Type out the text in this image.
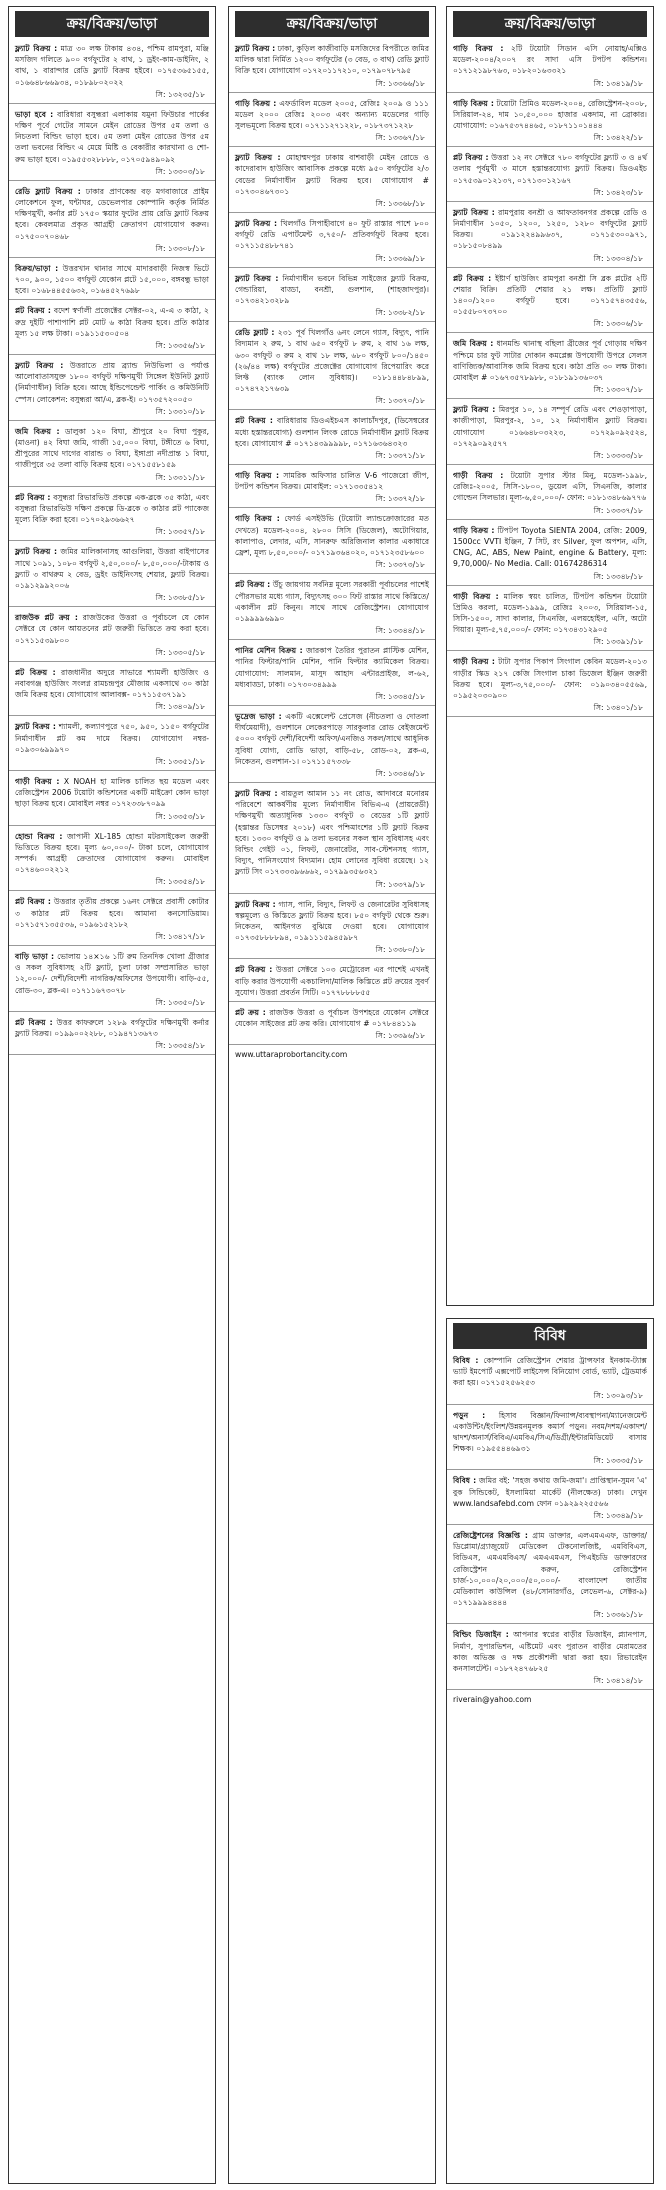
ক্রয়/বিক্রয়/ভাড়া
ফ্ল্যাট বিক্রয় : মাত্র ৩০ লক্ষ টাকায় ৪৩৪, পশ্চিম রামপুরা, মঞ্জি মসজিদ গলিতে ৯০০ বর্গফুটের ২ বাথ, ১ ড্রইং-কাম-ডাইনিং, ২ বাথ, ১ বারান্দার রেডি ফ্ল্যাট বিক্রয় হইবে। ০১৭৫৩৬৫১৫৫, ০১৬৬৪৮৬৬৯৩৪, ০১৮৯৮০২০২২
সি: ১৩২৩৫/১৮
ভাড়া হবে : বারিধারা বসুন্ধরা এলাকায় যমুনা ফিউচার পার্কের দক্ষিণ পূর্বে গেটের সামনে মেইন রোডের উপর ৫ম তলা ও নিচতলা বিল্ডিং ভাড়া হবে। ৫ম তলা মেইন রোডের উপর ৫ম তলা ভবনের বিল্ডিং এ মেয়ে মিষ্টি ও বেকারীর কারখানা ও শো-রুম ভাড়া হবে। ০১৯৫৫৩২৮৮৮৮, ০১৭০৫৯৪৯০৯২
সি: ১৩৩০৩/১৮
রেডি ফ্ল্যাট বিক্রয় : ঢাকার প্রাণকেন্দ্র বড় মগবাজারে প্রাইম লোকেশনে ফুল, ঘন্টাঘর, ডেভেলপার কোম্পানি কর্তৃক নির্মিত দক্ষিণমুখী, কর্নার প্লট ১৭৫০ স্কয়ার ফুটের প্রায় রেডি ফ্ল্যাট বিক্রয় হবে। কেবলমাত্র প্রকৃত আগ্রহী ক্রেতাগণ যোগাযোগ করুন। ০১৭৫০০৭০৪৬৮
সি: ১৩৩০৮/১৮
বিক্রয়/ভাড়া : উত্তরখান থানার সাথে মাদারবাড়ী নিজস্ব ভিটে ৭০০, ৯০০, ১৫০০ বর্গফুট যেকোন প্লটে ১৫,০০০, বঙ্গবন্ধু ভাড়া হবে। ০১৬৮৪৪৫৫৬৩২, ০১৬৪৫২৭৬৯৮
প্লট বিক্রয় : বদেশ স্বর্ণালী প্রজেক্টের সেক্টর-০২, এ-এ ৩ কাঠা, ২ রুদ্র দুইটি পাশাপাশি প্লট মোট ৬ কাঠা বিক্রয় হবে। প্রতি কাঠার মূল্য ১৫ লক্ষ টাকা। ০১৯১১৫৩০৫০৪
সি: ১৩৩৫৬/১৮
ফ্ল্যাট বিক্রয় : উত্তরাতে প্রায় ব্র্যান্ড নিউভিলা ও পর্যাপ্ত আলোবাতাসযুক্ত ১৮০০ বর্গফুট দক্ষিণমুখী সিঙ্গেল ইউনিট ফ্ল্যাট (নির্মাণাধীন) বিক্রি হবে। আছে ইন্ডিপেন্ডেন্ট পার্কিং ও কমিউনিটি স্পেস। লোকেশন: বসুন্ধরা আ/এ, ব্লক-ই। ০১৭৩৫৭২০০৫০
সি: ১৩৩১০/১৮
জমি বিক্রয় : ডালুকা ১২০ বিঘা, শ্রীপুরে ২০ বিঘা পুকুর, (মাওনা) ৪২ বিঘা জমি, গাজী ১৫,০০০ বিঘা, টঙ্গীতে ৬ বিঘা, শ্রীপুরের সাথে দাগের বারান্ড ৩ বিঘা, ইঙ্গাপ্রা নদীপ্রান্ত ১ বিঘা, গাজীপুরে ৩৫ তলা বাড়ি বিক্রয় হবে। ০১৭১৫৫৮১৫৯
সি: ১৩৩১১/১৮
প্লট বিক্রয় : বসুন্ধরা রিভারভিউ প্রকল্পে এক-ব্লকে ৩৫ কাঠা, এবং বসুন্ধরা রিভারভিউ দক্ষিণ প্রকল্পে ডি-ব্লকে ৩ কাঠার প্লট প্যাকেজ মূল্যে বিক্রি করা হবে। ০১৭০২৯৩৬৬২৭
সি: ১৩৩৫৭/১৮
ফ্ল্যাট বিক্রয় : জমির মালিকানাসহ আগুলিয়া, উত্তরা বাইপাসের সাথে ১০৯১, ১০৮০ বর্গফুট ২,৫০,০০০/- ৮,৫০,০০০/-টাকায় ও ফ্ল্যাট ৩ বাথরুম ২ বেড, ড্রইং ডাইনিংসহ শেয়ার, ফ্ল্যাট বিক্রয়। ০১৯১২৯৯২০০৬
সি: ১৩৩৮৫/১৮
রাজউক প্লট ক্রয় : রাজউকের উত্তরা ও পূর্বাচলে যে কোন সেক্টরে যে কোন আয়তনের প্লট জরুরী ভিত্তিতে ক্রয় করা হবে। ০১৭১১৫৩৯৮০০
সি: ১৩৩০৫/১৮
প্লট বিক্রয় : রাজধানীর অদুরে সাভারে শ্যামলী হাউজিং ও নবাবগঞ্জ হাউজিং সংলগ্ন রামচন্দ্রপুর মৌজায় একসাথে ৩০ কাঠা জমি বিক্রয় হবে। যোগাযোগ আলাবক্স- ০১৭১১৫৩৭১৯১
সি: ১৩৪০৯/১৮
ফ্ল্যাট বিক্রয় : শ্যামলী, কল্যাণপুরে ৭৫০, ৯৫০, ১১৫০ বর্গফুটের নির্মাণাধীন প্লট কম দামে বিক্রয়। যোগাযোগ নম্বর- ০১৯৩০৬৯৯৯৭০
সি: ১৩৩৫১/১৮
গাড়ী বিক্রয় : X NOAH হা মালিক চালিত ছয় মডেল এবং রেজিস্ট্রেশন 2006 টয়োটা কন্ডিশনের একটি মাইক্রো কোন ভাড়া ছাড়া বিক্রয় হবে। মোবাইল নম্বর ০১৭২৩৩৮৭০৯৯
সি: ১৩৩৫৩/১৮
হোন্ডা বিক্রয় : জাপানী XL-185 হোন্ডা মটরসাইকেল জরুরী ভিত্তিতে বিক্রয় হবে। মূল্য ৬০,০০০/- টাকা চলে, যোগাযোগ সম্পর্ক। আগ্রহী ক্রেতাদের যোগাযোগ করুন। মোবাইল ০১৭৪৬০০২২১২
সি: ১৩৩৫৪/১৮
প্লট বিক্রয় : উত্তরার তৃতীয় প্রকল্পে ১৬নং সেক্টরে প্রবাসী কোটার ৩ কাঠার প্লট বিক্রয় হবে। আমানা কনসোডিয়াম। ০১৭১৫৭১৩৫৫৩৬, ০১৯৬১৫২১৮২
সি: ১৩৪১৭/১৮
বাড়ি ভাড়া : ভোলায় ১৪×১৬ ১টি রুম তিনদিক খোলা গ্রীজার ও সকল সুবিধাসহ ২টি ফ্ল্যাট, চুলা ঢাকা সম্প্রসারিত ভাড়া ১২,০০০/- দেশী/বিদেশী নাগরিক/অফিসের উপযোগী। বাড়ি-৫৫, রোড-৩০, ব্লক-এ। ০১৭১১৬৭৩০৭৮
সি: ১৩৩৫০/১৮
প্লট বিক্রয় : উত্তর কাফরুলে ১২৮৯ বর্গফুটের দক্ষিণমুখী কর্নার ফ্ল্যাট বিক্রয়। ০১৯৯০০২২৮৮, ০১৯৪৭১৩৬৭৩
সি: ১৩৩৫৪/১৮
ক্রয়/বিক্রয়/ভাড়া
ফ্ল্যাট বিক্রয় : ঢাকা, কুড়িল কাজীবাড়ি মসজিদের বিপরীতে জমির মালিক দ্বারা নির্মিত ১২০০ বর্গফুটের (৩ বেড, ৩ বাথ) রেডি ফ্ল্যাট বিক্রি হবে। যোগাযোগ ০১৭২০১১৭২১০, ০১৭৯০৭৮৭৯৫
সি: ১৩৩৬৬/১৮
গাড়ি বিক্রয় : এফর্ডাবিল মডেল ২০০৫, রেজিঃ ২০০৯ ও ১১১ মডেল ২০০০ রেজিঃ ২০০৩ এবং অন্যান্য মডেলের গাড়ি সুলভমূল্যে বিক্রয় হবে। ০১৭১১২৭১২২৮, ০১৮৭৩৭১২২৮
সি: ১৩৩৬৭/১৮
ফ্ল্যাট বিক্রয় : মোহাম্মদপুর ঢাকায় বাশবাড়ী মেইন রোডে ও কাদেরাবাদ হাউজিং আবাসিক প্রকল্পে মধ্যে ৯৫০ বর্গফুটের ২/৩ বেডের নির্মাণাধীন ফ্ল্যাট বিক্রয় হবে। যোগাযোগ # ০১৭৩০৪৬৭৩০১
সি: ১৩৩৬৮/১৮
ফ্ল্যাট বিক্রয় : খিলগাঁও সিপাহীবাগে ৪০ ফুট রাস্তার পাশে ৮০০ বর্গফুট রেডি এপার্টমেন্ট ৩,৭৫০/- প্রতিবর্গফুট বিক্রয় হবে। ০১৭১১৫৪৮৮৭৪১
সি: ১৩৩৬৯/১৮
ফ্ল্যাট বিক্রয় : নির্মাণাধীন ভবনে বিভিন্ন সাইজের ফ্ল্যাট বিক্রয়, গেন্ডারিয়া, বাড্ডা, বনশ্রী, গুলশান, (শাহজাদপুর)। ০১৭৩৪২১৩২৮৯
সি: ১৩৩৮২/১৮
রেডি ফ্ল্যাট : ২৩১ পূর্ব খিলগাঁও ৬নং লেনে গ্যাস, বিদ্যুৎ, পানি বিদ্যমান ২ রুম, ১ বাথ ৬৫০ বর্গফুট ৮ রুম, ২ বাথ ১৬ লক্ষ, ৬৩০ বর্গফুট ৩ রুম ২ বাথ ১৮ লক্ষ, ৬৮০ বর্গফুট ৮০০/১৪৫০ (২৬/৪৪ লক্ষ) বর্গফুটের প্রজেক্টের যোগাযোগ রিপেয়ারিং করে লিফ্ট (ব্যাংক লোন সুবিধায়)। ০১৮১৪৪৮৪৮৯৯, ০১৭৪৭২১৭৬৩৯
সি: ১৩৩৭০/১৮
প্লট বিক্রয় : বারিধারায় ডিওএইচএস কালাচাঁদপুর, (ডিসেম্বরের মধ্যে হস্তান্তরযোগ্য) গুলশান লিংক রোডে নির্মাণাধীন ফ্ল্যাট বিক্রয় হবে। যোগাযোগ # ০১৭১৪৩৯৯৯৯৮, ০১৭১৬৩৬৪৩২৩
সি: ১৩৩৭১/১৮
গাড়ি বিক্রয় : সামরিক অফিসার চালিত V-6 পাজেরো জীপ, টপটপ কন্ডিশন বিক্রয়। মোবাইল: ০১৭১৩৩৫৪১২
সি: ১৩৩৭২/১৮
গাড়ি বিক্রয় : ফোর্ড এসইউভি (টয়োটা ল্যান্ডক্রোজারের মত দেখতে) মডেল-২০০৪, ২৮০০ সিসি (ডিজেল), অটোগিয়ার, কালাপাও, লেদার, এসি, সানরুফ অরিজিনাল কালার একাধারে ফ্রেশ, মূল্য ৮,৫০,০০০/- ০১৭১৯৩৬৪০২০, ০১৭১২৩৫৮৬০০
সি: ১৩৩৭৩/১৮
প্লট বিক্রয় : উঁচু জায়গায় সর্বনিম্ন মূল্যে সরকারী পূর্বাচলের পাশেই পৌরসভার মধ্যে গ্যাস, বিদ্যুৎসহ ৩০০ ফিট রাস্তার সাথে কিস্তিতে/একালীন প্লট কিনুন। সাথে সাথে রেজিস্ট্রেশন। যোগাযোগ ০১৯৯৯৯৬৯৯০
সি: ১৩৩৪৪/১৮
পানির মেশিন বিক্রয় : জারকাপ তৈরির পুরাতন প্লাস্টিক মেশিন, পানির ফিল্টার/পানি মেশিন, পানি ফিল্টার ক্যামিকেল বিক্রয়। যোগাযোগ: সালমান, মাসুদ আহাদ এন্টারপ্রাইজ, ল-৬২, মধ্যবাড্ডা, ঢাকা। ০১৭৩০৩৪৯৯৯
সি: ১৩৩৪৫/১৮
ভুদ্রেজ ভাড়া : একটি এক্সেলেন্ট প্রেসেজ (নীচতলা ও দোতলা দীর্ঘমেয়াদী), গুলশানে লেকেরপাড়ে সারকুলার রোড বেইজমেন্ট ৫০০০ বর্গফুট দেশী/বিদেশী অফিস/এনজিও সকল/সাথে আধুনিক সুবিধা যোগ্য, রোডি ভাড়া, বাড়ি-৫৮, রোড-০২, ব্লক-এ, নিকেতন, গুলশান-১। ০১৭১১৫৭৩৩৮
সি: ১৩৩৪৬/১৮
ফ্ল্যাট বিক্রয় : বায়তুল আমান ১১ নং রোড, আদাবরে মনোরম পরিবেশে আকর্ষণীয় মূল্যে নির্মাণাধীন বিভিএ-এ (প্রায়রেডী) দক্ষিণমুখী অত্যাধুনিক ১৩৩০ বর্গফুট ৩ বেডের ১টি ফ্ল্যাট (হস্তান্তর ডিসেম্বর ২০১৮) এবং পশ্চিমাংশের ১টি ফ্ল্যাট বিক্রয় হবে। ১৩৩০ বর্গফুট ও ৯ তলা ভবনের সকল স্থান সুবিধাসহ এবং বিল্ডিং গেইট ০১, লিফট, জেনারেটর, সাব-স্টেশনসহ গ্যাস, বিদ্যুৎ, পানিসংযোগ বিদ্যমান। হোম লোনের সুবিধা রয়েছে। ১২ ফ্ল্যাট সিং ০১৭৩৩৩৯৬৬৬২, ০১৭৯৯৩৫৬৩২১
সি: ১৩৩৭৯/১৮
ফ্ল্যাট বিক্রয় : গ্যাস, পানি, বিদ্যুৎ, লিফট ও জেনারেটর সুবিধাসহ স্বল্পমূল্যে ও কিস্তিতে ফ্ল্যাট বিক্রয় হবে। ৮৫০ বর্গফুট থেকে শুরু। নিকেতন, আইনগত বুঝিয়ে দেওয়া হবে। যোগাযোগ ০১৭৩৫৮৮৮৮৯৪, ০১৯১১১৫৯৪৫৯৮৭
সি: ১৩৩৮০/১৮
প্লট বিক্রয় : উত্তরা সেক্টরে ১০৩ মেট্রোরেল এর পাশেই এখনই বাড়ি করার উপযোগী একচালিদা/মালিক কিস্তিতে প্লট ক্রয়ের সুবর্ণ সুযোগ। উত্তরা প্রবর্তন সিটি। ০১৭৭৮৮৮৮৫৫
প্লট ক্রয় : রাজউক উত্তরা ও পূর্বাচল উপশহরে যেকোন সেক্টরে যেকোন সাইজের প্লট ক্রয় করি। যোগাযোগ # ০১৭৮৪৪১১৯
সি: ১৩৩৯৬/১৮
www.uttaraprobortancity.com
ক্রয়/বিক্রয়/ভাড়া
গাড়ি বিক্রয় : ২টি টয়োটা সিডান এসি নোয়াহ/এক্সিও মডেল-২০০৪/২০০৭ রং সাদা এসি টপটপ কন্ডিশন। ০১৭১২১৯৮৭৬৩, ০১৮২০১৬৩৩২১
সি: ১৩৪১৯/১৮
গাড়ি বিক্রয় : টয়োটা প্রিমিও মডেল-২০০৪, রেজিস্ট্রেশন-২০০৮, সিরিয়াল-২৪, দাম ১০,৫০,০০০ হাজার একদাম, না ব্রোকার। যোগাযোগ: ০১৬৭৫৩৭৪৪৬৫, ০১৮৭১১০১৪৪৪
সি: ১৩৪২২/১৮
প্লট বিক্রয় : উত্তরা ১২ নং সেক্টরে ৭৮০ বর্গফুটের ফ্ল্যাট ৩ ও ৪র্থ তলায় পূর্বমুখী ৩ মাসে হস্তান্তরযোগ্য ফ্ল্যাট বিক্রয়। ডিওএইচ ০১৭৫৩৯০১২১৩৭, ০১৭১৩০১২১৬৭
সি: ১৩৪২৩/১৮
ফ্ল্যাট বিক্রয় : রামপুরায় বনশ্রী ও আফতাবনগর প্রকল্পে রেডি ও নির্মাণাধীন ১০৫০, ১২০০, ১২৫০, ১২৮০ বর্গফুটের ফ্ল্যাট বিক্রয়। ০১৯১২২৪৯৯৬৩৭, ০১৭১৫৩০০৯৭১, ০১৮১৫০৮৪৯৯
সি: ১৩৩০৪/১৮
প্লট বিক্রয় : ইষ্টার্ণ হাউজিং রামপুরা বনশ্রী সি ব্লক প্লটের ২টি শেয়ার বিক্রি। প্রতিটি শেয়ার ২১ লক্ষ। প্রতিটি ফ্ল্যাট ১৪০০/১২০০ বর্গফুট হবে। ০১৭১৫৭৪৩৫৫৬, ০১৫৫৮০৭৩৭০০
সি: ১৩৩০৬/১৮
জমি বিক্রয় : ধানমন্ডি থানাস্থ বছিলা ব্রীজের পূর্ব গোড়ায় দক্ষিণ পশ্চিমে চার ফুট সাটার দোকান কমপ্লেক্স উপযোগী উপরে সেলস বাণিজ্যিক/আবাসিক জমি বিক্রয় হবে। কাঠা প্রতি ৩০ লক্ষ টাকা। মোবাইল # ০১৬৭৩৫৭৮৯৮৮, ০১৮১৯১৩৬০৩৭
সি: ১৩৩০৭/১৮
ফ্ল্যাট বিক্রয় : মিরপুর ১০, ১৪ সম্পূর্ণ রেডি এবং শেওড়াপাড়া, কাজীপাড়া, মিরপুর-২, ১০, ১২ নির্মাণাধীন ফ্ল্যাট বিক্রয়। যোগাযোগ ০১৬৬৪৮০৩২২৩, ০১৭২৯০৯২৫২৪, ০১৭২৯০৯২৫৭৭
সি: ১৩৩৩৩/১৮
গাড়ী বিক্রয় : টয়োটা সুপার স্টার মিনু, মডেল-১৯৯৮, রেজিঃ-২০০৫, সিসি-১৮০০, ডুয়েল এসি, সিএনজি, কালার গোল্ডেন সিলভার। মূল্য-৬,৫০,০০০/- ফোন: ০১৮১৩৪৮৬৯৭৭৬
সি: ১৩৩৩৭/১৮
গাড়ি বিক্রয় : টিপটপ Toyota SIENTA 2004, রেজি: 2009, 1500cc VVTI ইঞ্জিন, 7 সিট, রং Silver, ফুল অপশন, এসি, CNG, AC, ABS, New Paint, engine & Battery, মূল্য: 9,70,000/- No Media. Call: 01674286314
সি: ১৩৩৪৮/১৮
গাড়ী বিক্রয় : মালিক স্বয়ং চালিত, টিপটপ কন্ডিশন টয়োটা প্রিমিও করলা, মডেল-১৯৯৯, রেজিঃ ২০০৩, সিরিয়াল-১৫, সিসি-১৫০০, সাদা কালার, সিএনজি, এলয়হোইল, এসি, অটো গিয়ার। মূল্য-৫,৭৫,০০০/- ফোন: ০১৭৩৪৩১২৯০৫
সি: ১৩৩৯১/১৮
গাড়ী বিক্রয় : টাটা সুপার পিকাপ সিংগাল কেবিন মডেল-২০১৩ গাড়ীর স্কিড ২১৭ কেজি সিংগাল চাকা ডিজেল ইঞ্জিন জরুরী বিক্রয় হবে। মূল্য-৩,৭৫,০০০/- ফোন: ০১৯০৩৪০৫৫৬৯, ০১৯৫২০৩০৯০০
সি: ১৩৪০১/১৮
বিবিধ
বিবিধ : কোম্পানি রেজিস্ট্রেশন শেয়ার ট্রান্সফার ইনকাম-ট্যাক্স ভ্যাট ইমপোর্ট এক্সপোর্ট লাইসেন্স বিনিয়োগ বোর্ড, ভ্যাট, ট্রেডমার্ক করা হয়। ০১৭১৫২৫৬২৫৩
সি: ১৩০৯৩/১৮
পড়ুন : হিসাব বিজ্ঞান/ফিন্যান্স/ব্যবস্থাপনা/ম্যানেজমেন্ট একাউন্টিং/ইংলিশ/উন্নয়নমূলক কমার্স পড়ুন। নবম/দশম/একাদশ/দ্বাদশ/অনার্স/বিবিএ/এমবিএ/সিএ/ডিগ্রী/ইন্টারমিডিয়েট বাসায় শিক্ষক। ০১৯৫৫৪৪৬৯৩১
সি: ১৩৩৩৫/১৮
বিবিধ : জমির বই: 'সহজ কথায় জমি-জমা'। প্রাপ্তিস্থান-সুমন 'এ' বুক সিন্ডিকেট, ইসলামিয়া মার্কেট (নীলক্ষেত) ঢাকা। দেখুন www.landsafebd.com ফোন ০১৯২৯২২৫৫৬৬
সি: ১৩৩৪৯/১৮
রেজিষ্ট্রেশনের বিজ্ঞপ্তি : গ্রাম ডাক্তার, এলএমএএফ, ডাক্তার/ডিপ্লোমা/গ্র্যাজুয়েট মেডিকেল টেকনোলজিষ্ট, এমবিবিএস, বিডিএস, এমএমবিএস/ এমএএমএস, পিএইচডি ডাক্তারদের রেজিস্ট্রেশন করুন, রেজিস্ট্রেশন চার্জ-১০,০০০/২০,০০০/৫০,০০০/- বাংলাদেশ জাতীয় মেডিক্যাল কাউন্সিল (৪৮/সোনারগাঁও, লেভেল-৬, সেক্টর-৯) ০১৭১৯৯৯৪৪৪৪
সি: ১৩৩৬১/১৮
বিল্ডিং ডিজাইন : আপনার স্বপ্নের বাড়ীর ডিজাইন, প্ল্যানপাস, নির্মাণ, সুপারভিশন, এষ্টিমেট এবং পুরাতন বাড়ীর মেরামতের কাজ অভিজ্ঞ ও দক্ষ প্রকৌশলী দ্বারা করা হয়। রিভারেইন কনসালটেন্ট। ০১৮৭২৪৭৬৮২৫
সি: ১৩৪১৪/১৮
riverain@yahoo.com
